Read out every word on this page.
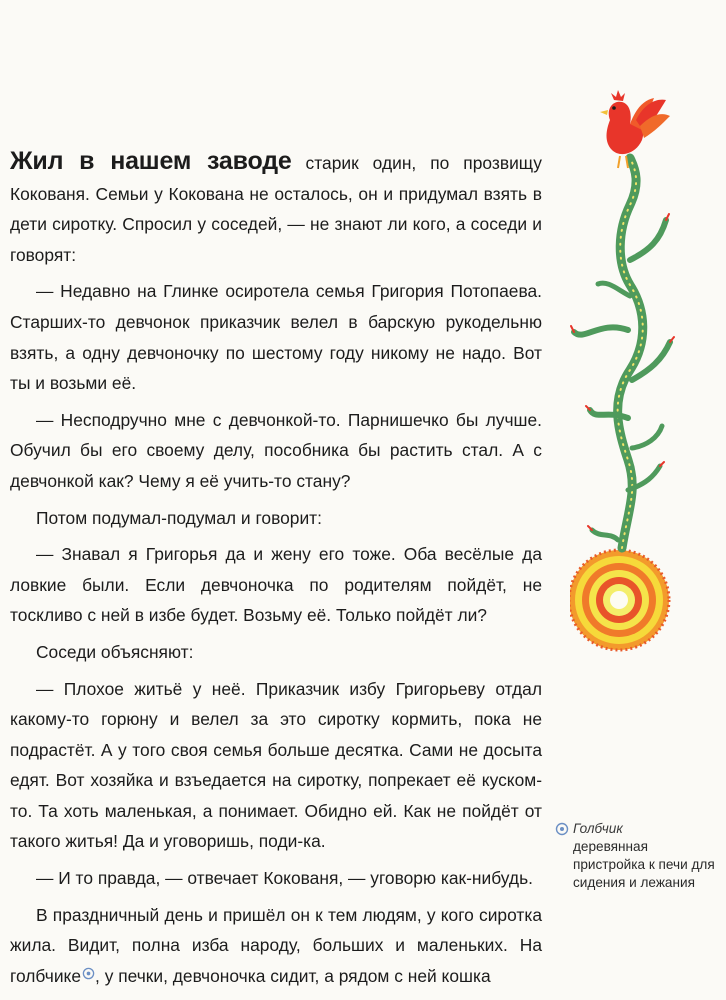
Жил в нашем заводе старик один, по прозвищу Кокованя. Семьи у Кокована не осталось, он и придумал взять в дети сиротку. Спросил у соседей, — не знают ли кого, а соседи и говорят:

— Недавно на Глинке осиротела семья Григория Потопаева. Старших-то девчонок приказчик велел в барскую рукодельню взять, а одну девчоночку по шестому году никому не надо. Вот ты и возьми её.

— Несподручно мне с девчонкой-то. Парнишечко бы лучше. Обучил бы его своему делу, пособника бы растить стал. А с девчонкой как? Чему я её учить-то стану?

Потом подумал-подумал и говорит:

— Знавал я Григорья да и жену его тоже. Оба весёлые да ловкие были. Если девчоночка по родителям пойдёт, не тоскливо с ней в избе будет. Возьму её. Только пойдёт ли?

Соседи объясняют:

— Плохое житьё у неё. Приказчик избу Григорьеву отдал какому-то горюну и велел за это сиротку кормить, пока не подрастёт. А у того своя семья больше десятка. Сами не досыта едят. Вот хозяйка и взъедается на сиротку, попрекает её куском-то. Та хоть маленькая, а понимает. Обидно ей. Как не пойдёт от такого житья! Да и уговоришь, поди-ка.

— И то правда, — отвечает Кокованя, — уговорю как-нибудь.

В праздничный день и пришёл он к тем людям, у кого сиротка жила. Видит, полна изба народу, больших и маленьких. На голбчике , у печки, девчоночка сидит, а рядом с ней кошка

Голбчик
деревянная пристройка к печи для сидения и лежания
